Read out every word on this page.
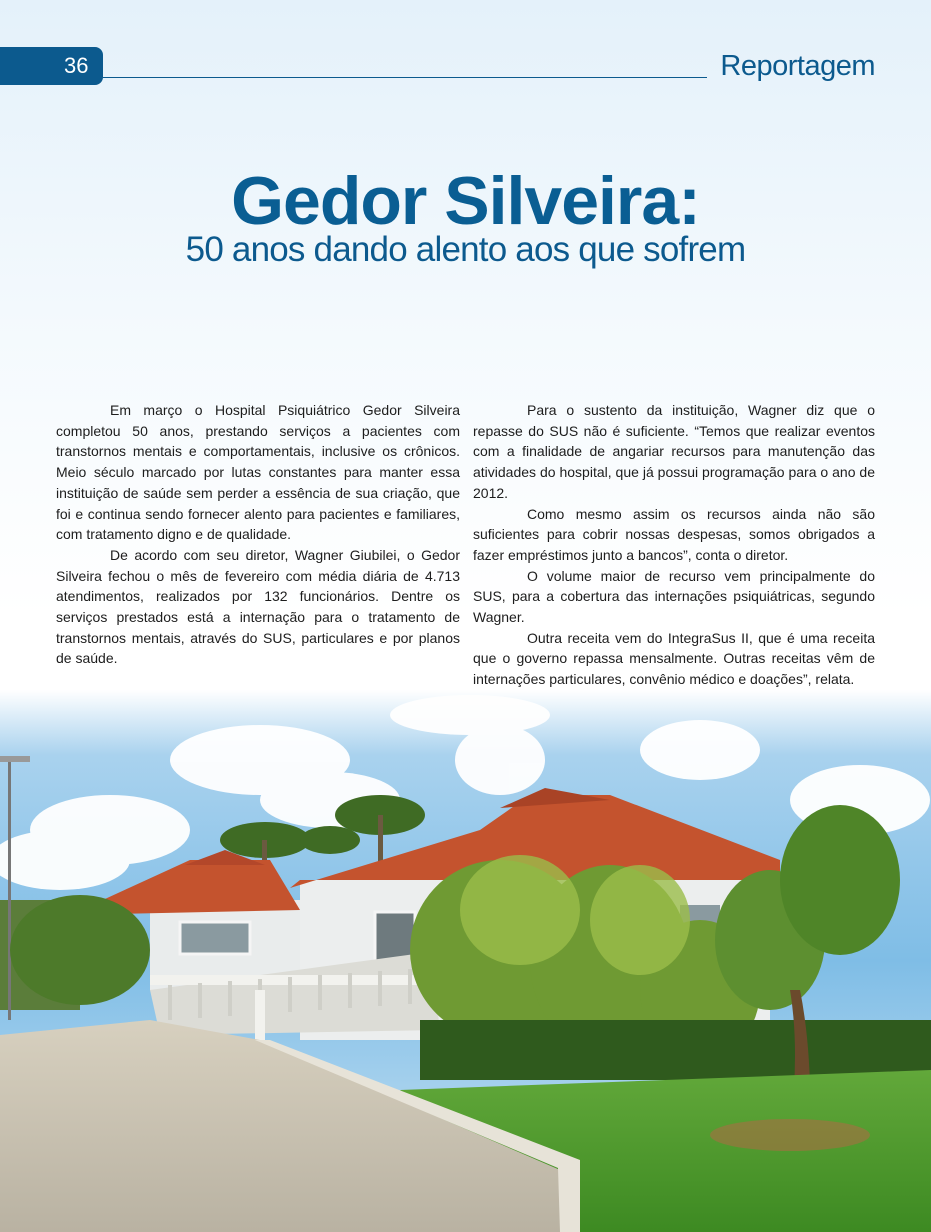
36	Reportagem
Gedor Silveira:
50 anos dando alento aos que sofrem

Em março o Hospital Psiquiátrico Gedor Silveira completou 50 anos, prestando serviços a pacientes com transtornos mentais e comportamentais, inclusive os crônicos. Meio século marcado por lutas constantes para manter essa instituição de saúde sem perder a essência de sua criação, que foi e continua sendo fornecer alento para pacientes e familiares, com tratamento digno e de qualidade.

De acordo com seu diretor, Wagner Giubilei, o Gedor Silveira fechou o mês de fevereiro com média diária de 4.713 atendimentos, realizados por 132 funcionários. Dentre os serviços prestados está a internação para o tratamento de transtornos mentais, através do SUS, particulares e por planos de saúde.

Para o sustento da instituição, Wagner diz que o repasse do SUS não é suficiente. “Temos que realizar eventos com a finalidade de angariar recursos para manutenção das atividades do hospital, que já possui programação para o ano de 2012.

Como mesmo assim os recursos ainda não são suficientes para cobrir nossas despesas, somos obrigados a fazer empréstimos junto a bancos”, conta o diretor.

O volume maior de recurso vem principalmente do SUS, para a cobertura das internações psiquiátricas, segundo Wagner.

Outra receita vem do IntegraSus II, que é uma receita que o governo repassa mensalmente. Outras receitas vêm de internações particulares, convênio médico e doações”, relata.
